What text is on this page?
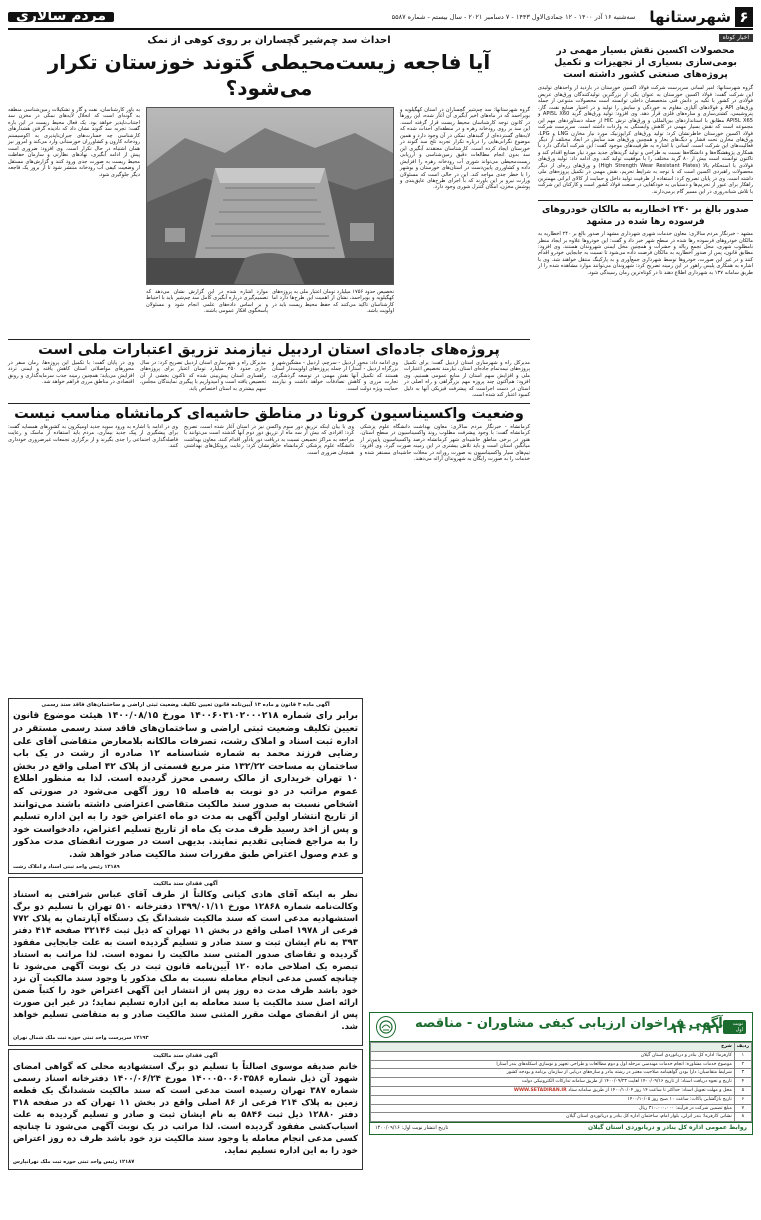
۶
شهرستانها
سه‌شنبه ۱۶ آذر ۱۴۰۰ - ۱۲ جمادی‌الاول ۱۴۴۳ - ۷ دسامبر ۲۰۲۱ - سال بیستم - شماره ۵۵۸۷
مردم سالاری
اخبار کوتاه
محصولات اکسین نقش بسیار مهمی در بومی‌سازی بسیاری از تجهیزات و تکمیل پروژه‌های صنعتی کشور داشته است
گروه شهرستانها: امیر لسانی سرپرست شرکت فولاد اکسین خوزستان در بازدید از واحدهای تولیدی این شرکت گفت: فولاد اکسین خوزستان به عنوان یکی از بزرگترین تولیدکنندگان ورق‌های عریض فولادی در کشور با تکیه بر دانش فنی متخصصان داخلی توانسته است محصولات متنوعی از جمله ورق‌های API و فولادهای آلیاژی مقاوم به خوردگی و سایش را تولید و در اختیار صنایع نفت، گاز، پتروشیمی، کشتی‌سازی و سازه‌های فلزی قرار دهد. وی افزود: تولید ورق‌های گرید API5L X60 و API5L X65 مطابق با استانداردهای بین‌المللی و ورق‌های ترش HIC از جمله دستاوردهای مهم این مجموعه است که نقش بسیار مهمی در کاهش وابستگی به واردات داشته است. سرپرست شرکت فولاد اکسین خوزستان خاطرنشان کرد: تولید ورق‌های کرایوژنیک مورد نیاز مخازن LNG و LPG، ورق‌های مخازن تحت فشار و دیگ‌های بخار و همچنین ورق‌های ضد سایش در ابعاد مختلف از دیگر فعالیت‌های این شرکت است. لسانی با اشاره به ظرفیت‌های موجود گفت: این شرکت آمادگی دارد با همکاری پژوهشگاه‌ها و دانشگاه‌ها نسبت به طراحی و تولید گریدهای جدید مورد نیاز صنایع اقدام کند و تاکنون توانسته است بیش از ۸۰ گرید مختلف را با موفقیت تولید کند. وی ادامه داد: تولید ورق‌های فولادی با استحکام بالا (High Strength Wear Resistant Plates) و ورق‌های زره‌ای از دیگر محصولات راهبردی اکسین است که با توجه به شرایط تحریم، نقش مهمی در تکمیل پروژه‌های ملی داشته است. وی در پایان تصریح کرد: استفاده از ظرفیت تولید داخل و حمایت از کالای ایرانی مهمترین راهکار برای عبور از تحریم‌ها و دستیابی به خودکفایی در صنعت فولاد کشور است و کارکنان این شرکت با تلاش شبانه‌روزی در این مسیر گام برمی‌دارند.
صدور بالغ بر ۲۴۰ اخطاریه به مالکان خودروهای فرسوده رها شده در مشهد
مشهد - خبرنگار مردم سالاری: معاون خدمات شهری شهرداری مشهد از صدور بالغ بر ۲۴۰ اخطاریه به مالکان خودروهای فرسوده رها شده در سطح شهر خبر داد و گفت: این خودروها علاوه بر ایجاد منظر نامطلوب شهری، محل تجمع زباله و حشرات و همچنین مخل ایمنی شهروندان هستند. وی افزود: مطابق قانون، پس از صدور اخطاریه به مالکان فرصت داده می‌شود تا نسبت به جابجایی خودرو اقدام کنند و در غیر این صورت، خودروها توسط شهرداری جمع‌آوری و به پارکینگ منتقل خواهند شد. وی با اشاره به همکاری پلیس راهور در این زمینه تصریح کرد: شهروندان می‌توانند موارد مشاهده شده را از طریق سامانه ۱۳۷ به شهرداری اطلاع دهند تا در کوتاه‌ترین زمان رسیدگی شود.
احداث سد چم‌شیر گچساران بر روی کوهی از نمک
آیا فاجعه زیست‌محیطی گتوند خوزستان تکرار می‌شود؟
گروه شهرستانها: سد چم‌شیر گچساران در استان کهگیلویه و بویراحمد که در ماه‌های اخیر آبگیری آن آغاز شده، این روزها در کانون توجه کارشناسان محیط زیست قرار گرفته است. این سد بر روی رودخانه زهره و در منطقه‌ای احداث شده که لایه‌های گسترده‌ای از گنبدهای نمکی در آن وجود دارد و همین موضوع نگرانی‌هایی را درباره تکرار تجربه تلخ سد گتوند در خوزستان ایجاد کرده است. کارشناسان معتقدند آبگیری این سد بدون انجام مطالعات دقیق زمین‌شناسی و ارزیابی زیست‌محیطی می‌تواند شوری آب رودخانه زهره را افزایش داده و کشاورزی پایین‌دست در استان‌های خوزستان و بوشهر را با خطر جدی مواجه کند. این در حالی است که مسئولان وزارت نیرو بر این باورند که با اجرای طرح‌های عایق‌بندی و پوشش مخزن، امکان کنترل شوری وجود دارد.
به باور کارشناسان، نفت و گاز و تشکیلات زمین‌شناسی منطقه به گونه‌ای است که انحلال لایه‌های نمکی در مخزن سد اجتناب‌ناپذیر خواهد بود. یک فعال محیط زیست در این باره گفت: تجربه سد گتوند نشان داد که نادیده گرفتن هشدارهای کارشناسی چه خسارت‌های جبران‌ناپذیری به اکوسیستم رودخانه کارون و کشاورزان خوزستانی وارد می‌کند و امروز نیز همان اشتباه در حال تکرار است. وی افزود: ضروری است پیش از ادامه آبگیری، نهادهای نظارتی و سازمان حفاظت محیط زیست به صورت جدی ورود کنند و گزارش‌های مستقل از وضعیت کیفی آب رودخانه منتشر شود تا از بروز یک فاجعه دیگر جلوگیری شود.
تخصیص حدود ۱۷۵۶ میلیارد تومان اعتبار ملی به پروژه‌های کهگیلویه و بویراحمد، نشان از اهمیت این طرح‌ها دارد اما کارشناسان تاکید می‌کنند که حفظ محیط زیست باید در اولویت باشد.
موارد اشاره شده در این گزارش نشان می‌دهد که تصمیم‌گیری درباره آبگیری کامل سد چم‌شیر باید با احتیاط و بر اساس داده‌های علمی انجام شود و مسئولان پاسخگوی افکار عمومی باشند.
پروژه‌های جاده‌ای استان اردبیل نیازمند تزریق اعتبارات ملی است
مدیرکل راه و شهرسازی استان اردبیل گفت: برای تکمیل پروژه‌های نیمه‌تمام جاده‌ای استان، نیازمند تخصیص اعتبارات ملی و افزایش سهم استان از منابع عمومی هستیم. وی افزود: هم‌اکنون چند پروژه مهم بزرگراهی و راه اصلی در استان در دست اجراست که پیشرفت فیزیکی آنها به دلیل کمبود اعتبار کند شده است.
وی ادامه داد: محور اردبیل - سرچم، اردبیل - مشگین‌شهر و بزرگراه اردبیل - آستارا از جمله پروژه‌های اولویت‌دار استان هستند که تکمیل آنها نقش مهمی در توسعه گردشگری، تجارت مرزی و کاهش تصادفات خواهد داشت و نیازمند حمایت ویژه دولت است.
مدیرکل راه و شهرسازی استان اردبیل تصریح کرد: در سال جاری حدود ۲۵۰ میلیارد تومان اعتبار برای پروژه‌های راهسازی استان پیش‌بینی شده که تاکنون بخشی از آن تخصیص یافته است و امیدواریم با پیگیری نمایندگان مجلس، سهم بیشتری به استان اختصاص یابد.
وی در پایان گفت: با تکمیل این پروژه‌ها، زمان سفر در محورهای مواصلاتی استان کاهش یافته و ایمنی تردد افزایش می‌یابد؛ همچنین زمینه جذب سرمایه‌گذاری و رونق اقتصادی در مناطق مرزی فراهم خواهد شد.
وضعیت واکسیناسیون کرونا در مناطق حاشیه‌ای کرمانشاه مناسب نیست
کرمانشاه - خبرنگار مردم سالاری: معاون بهداشت دانشگاه علوم پزشکی کرمانشاه گفت: با وجود پیشرفت مطلوب روند واکسیناسیون در سطح استان، هنوز در برخی مناطق حاشیه‌ای شهر کرمانشاه درصد واکسیناسیون پایین‌تر از میانگین استان است و باید تلاش بیشتری در این زمینه صورت گیرد. وی افزود: تیم‌های سیار واکسیناسیون به صورت روزانه در محلات حاشیه‌ای مستقر شده و خدمات را به صورت رایگان به شهروندان ارائه می‌دهند.
وی با بیان اینکه تزریق دوز سوم واکسن نیز در استان آغاز شده است، تصریح کرد: افرادی که بیش از سه ماه از تزریق دوز دوم آنها گذشته است می‌توانند با مراجعه به مراکز تجمیعی نسبت به دریافت دوز یادآور اقدام کنند. معاون بهداشت دانشگاه علوم پزشکی کرمانشاه خاطرنشان کرد: رعایت پروتکل‌های بهداشتی همچنان ضروری است.
وی در ادامه با اشاره به ورود سویه جدید اومیکرون به کشورهای همسایه گفت: برای پیشگیری از پیک جدید بیماری، مردم باید استفاده از ماسک و رعایت فاصله‌گذاری اجتماعی را جدی بگیرند و از برگزاری تجمعات غیرضروری خودداری کنند.
آگهی ماده ۳ قانون و ماده ۱۳ آیین‌نامه قانون تعیین تکلیف وضعیت ثبتی اراضی و ساختمان‌های فاقد سند رسمی
برابر رای شماره ۱۴۰۰۶۰۳۱۰۲۰۰۰۲۱۸ مورخ ۱۴۰۰/۰۸/۱۵ هیئت موضوع قانون تعیین تکلیف وضعیت ثبتی اراضی و ساختمان‌های فاقد سند رسمی مستقر در اداره ثبت اسناد و املاک رشت، تصرفات مالکانه بلامعارض متقاضی آقای علی رضایی فرزند محمد به شماره شناسنامه ۱۲ صادره از رشت در یک باب ساختمان به مساحت ۱۳۲/۲۲ متر مربع قسمتی از پلاک ۴۲ اصلی واقع در بخش ۱۰ تهران خریداری از مالک رسمی محرز گردیده است. لذا به منظور اطلاع عموم مراتب در دو نوبت به فاصله ۱۵ روز آگهی می‌شود در صورتی که اشخاص نسبت به صدور سند مالکیت متقاضی اعتراضی داشته باشند می‌توانند از تاریخ انتشار اولین آگهی به مدت دو ماه اعتراض خود را به این اداره تسلیم و پس از اخذ رسید ظرف مدت یک ماه از تاریخ تسلیم اعتراض، دادخواست خود را به مراجع قضایی تقدیم نمایند. بدیهی است در صورت انقضای مدت مذکور و عدم وصول اعتراض طبق مقررات سند مالکیت صادر خواهد شد.
۱۲۱۸۹ رئیس واحد ثبتی اسناد و املاک رشت
آگهی فقدان سند مالکیت
نظر به اینکه آقای هادی کیانی وکالتاً از طرف آقای عباس شرافتی به استناد وکالت‌نامه شماره ۱۲۸۶۸ مورخ ۱۳۹۹/۰۱/۱۱ دفترخانه ۵۱۰ تهران با تسلیم دو برگ استشهادیه مدعی است که سند مالکیت ششدانگ یک دستگاه آپارتمان به پلاک ۷۷۲ فرعی از ۱۹۷۸ اصلی واقع در بخش ۱۱ تهران که ذیل ثبت ۳۲۱۴۶ صفحه ۴۱۴ دفتر ۳۹۳ به نام ایشان ثبت و سند صادر و تسلیم گردیده است به علت جابجایی مفقود گردیده و تقاضای صدور المثنی سند مالکیت را نموده است. لذا مراتب به استناد تبصره یک اصلاحی ماده ۱۲۰ آیین‌نامه قانون ثبت در یک نوبت آگهی می‌شود تا چنانچه کسی مدعی انجام معامله نسبت به ملک مذکور یا وجود سند مالکیت آن نزد خود باشد ظرف مدت ده روز پس از انتشار این آگهی اعتراض خود را کتباً ضمن ارائه اصل سند مالکیت یا سند معامله به این اداره تسلیم نماید؛ در غیر این صورت پس از انقضای مهلت مقرر المثنی سند مالکیت صادر و به متقاضی تسلیم خواهد شد.
۱۲۱۹۳ سرپرست واحد ثبتی حوزه ثبت ملک شمال تهران
آگهی فقدان سند مالکیت
خانم صدیقه موسوی اصالتاً با تسلیم دو برگ استشهادیه محلی که گواهی امضای شهود آن ذیل شماره ۱۴۰۰۰۵۰۰۶۰۳۵۸۶ مورخ ۱۴۰۰/۰۶/۲۴ دفترخانه اسناد رسمی شماره ۳۸۷ تهران رسیده است مدعی است که سند مالکیت ششدانگ یک قطعه زمین به پلاک ۲۱۴ فرعی از ۸۶ اصلی واقع در بخش ۱۱ تهران که در صفحه ۳۱۸ دفتر ۱۲۸۸۰ ذیل ثبت ۵۸۴۶ به نام ایشان ثبت و صادر و تسلیم گردیده به علت اسباب‌کشی مفقود گردیده است. لذا مراتب در یک نوبت آگهی می‌شود تا چنانچه کسی مدعی انجام معامله یا وجود سند مالکیت نزد خود باشد ظرف ده روز اعتراض خود را به این اداره تسلیم نماید.
۱۲۱۸۷ رئیس واحد ثبتی حوزه ثبت ملک تهرانپارس
نوبت اول
آگهی فراخوان ارزیابی کیفی مشاوران - مناقصه ۱۴۰۰/۲۲
ردیف	شرح
۱	کارفرما: اداره کل بنادر و دریانوردی استان گیلان
۲	موضوع خدمات مشاوره: انجام خدمات مهندسی مرحله اول و دوم مطالعات و طراحی تجهیز و نوسازی اسکله‌های بندر آستارا
۳	شرایط متقاضیان: دارا بودن گواهینامه صلاحیت معتبر در رشته بنادر و سازه‌های دریایی از سازمان برنامه و بودجه کشور
۴	تاریخ و نحوه دریافت اسناد: از تاریخ ۱۴۰۰/۰۹/۱۶ لغایت ۱۴۰۰/۰۹/۲۳ از طریق سامانه تدارکات الکترونیکی دولت
۵	محل و مهلت تحویل اسناد: حداکثر تا ساعت ۱۴ روز ۱۴۰۰/۱۰/۰۴ از طریق سامانه ستاد WWW.SETADIRAN.IR
۶	تاریخ بازگشایی پاکات: ساعت ۱۰ صبح روز ۱۴۰۰/۱۰/۰۵
۷	مبلغ تضمین شرکت در فرآیند: ۳۱۰،۰۰۰،۰۰۰ ریال
۸	نشانی کارفرما: بندر انزلی، بلوار امام، ساختمان اداره کل بنادر و دریانوردی استان گیلان
روابط عمومی اداره کل بنادر و دریانوردی استان گیلان
تاریخ انتشار نوبت اول: ۱۴۰۰/۰۹/۱۶
